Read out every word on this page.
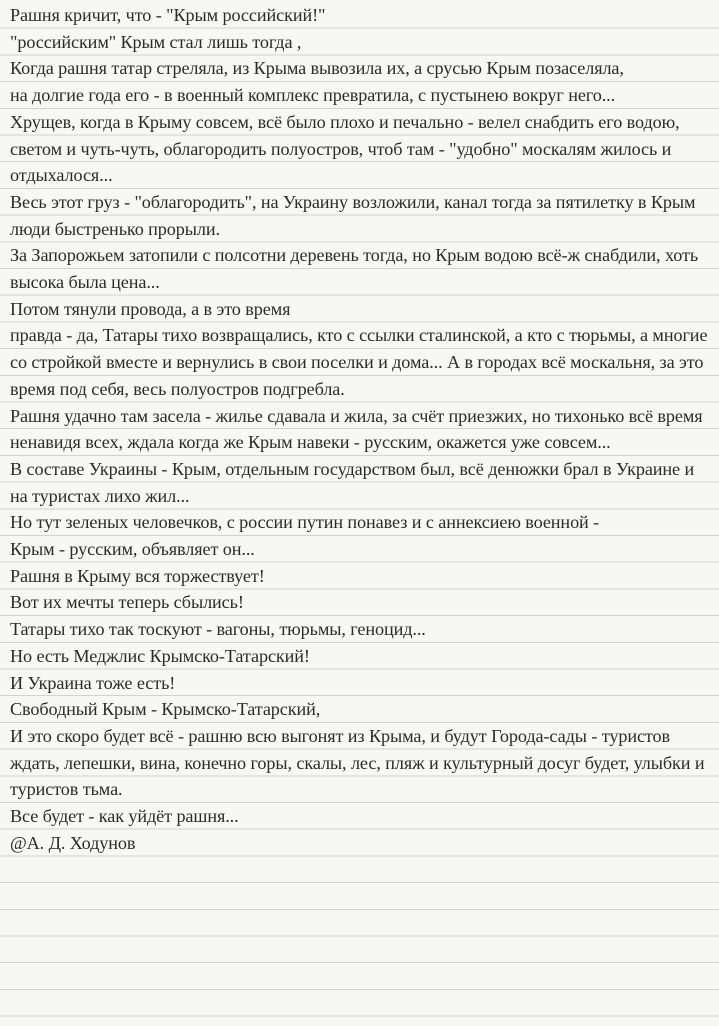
Рашня кричит, что - "Крым российский!"
"российским" Крым стал лишь тогда ,
Когда рашня татар стреляла, из Крыма вывозила их, а срусью Крым позаселяла,
на долгие года его - в военный комплекс превратила, с пустынею вокруг него...
Хрущев, когда в Крыму совсем, всё было плохо и печально - велел снабдить его водою, светом и чуть-чуть, облагородить полуостров, чтоб там - "удобно" москалям жилось и отдыхалося...
Весь этот груз - "облагородить", на Украину возложили, канал тогда за пятилетку в Крым люди быстренько прорыли.
За Запорожьем затопили с полсотни деревень тогда, но Крым водою всё-ж снабдили, хоть высока была цена...
Потом тянули провода, а в это время
правда - да, Татары тихо возвращались, кто с ссылки сталинской, а кто с тюрьмы, а многие со стройкой вместе и вернулись в свои поселки и дома... А в городах всё москальня, за это время под себя, весь полуостров подгребла.
Рашня удачно там засела - жилье сдавала и жила, за счёт приезжих, но тихонько всё время ненавидя всех, ждала когда же Крым навеки - русским, окажется уже совсем...
В составе Украины - Крым, отдельным государством был, всё денюжки брал в Украине и на туристах лихо жил...
Но тут зеленых человечков, с россии путин понавез и с аннексиею военной -
Крым - русским, объявляет он...
Рашня в Крыму вся торжествует!
Вот их мечты теперь сбылись!
Татары тихо так тоскуют - вагоны, тюрьмы, геноцид...
Но есть Меджлис Крымско-Татарский!
И Украина тоже есть!
Свободный Крым - Крымско-Татарский,
И это скоро будет всё - рашню всю выгонят из Крыма, и будут Города-сады - туристов ждать, лепешки, вина, конечно горы, скалы, лес, пляж и культурный досуг будет, улыбки и туристов тьма.
Все будет - как уйдёт рашня...
@А. Д. Ходунов
